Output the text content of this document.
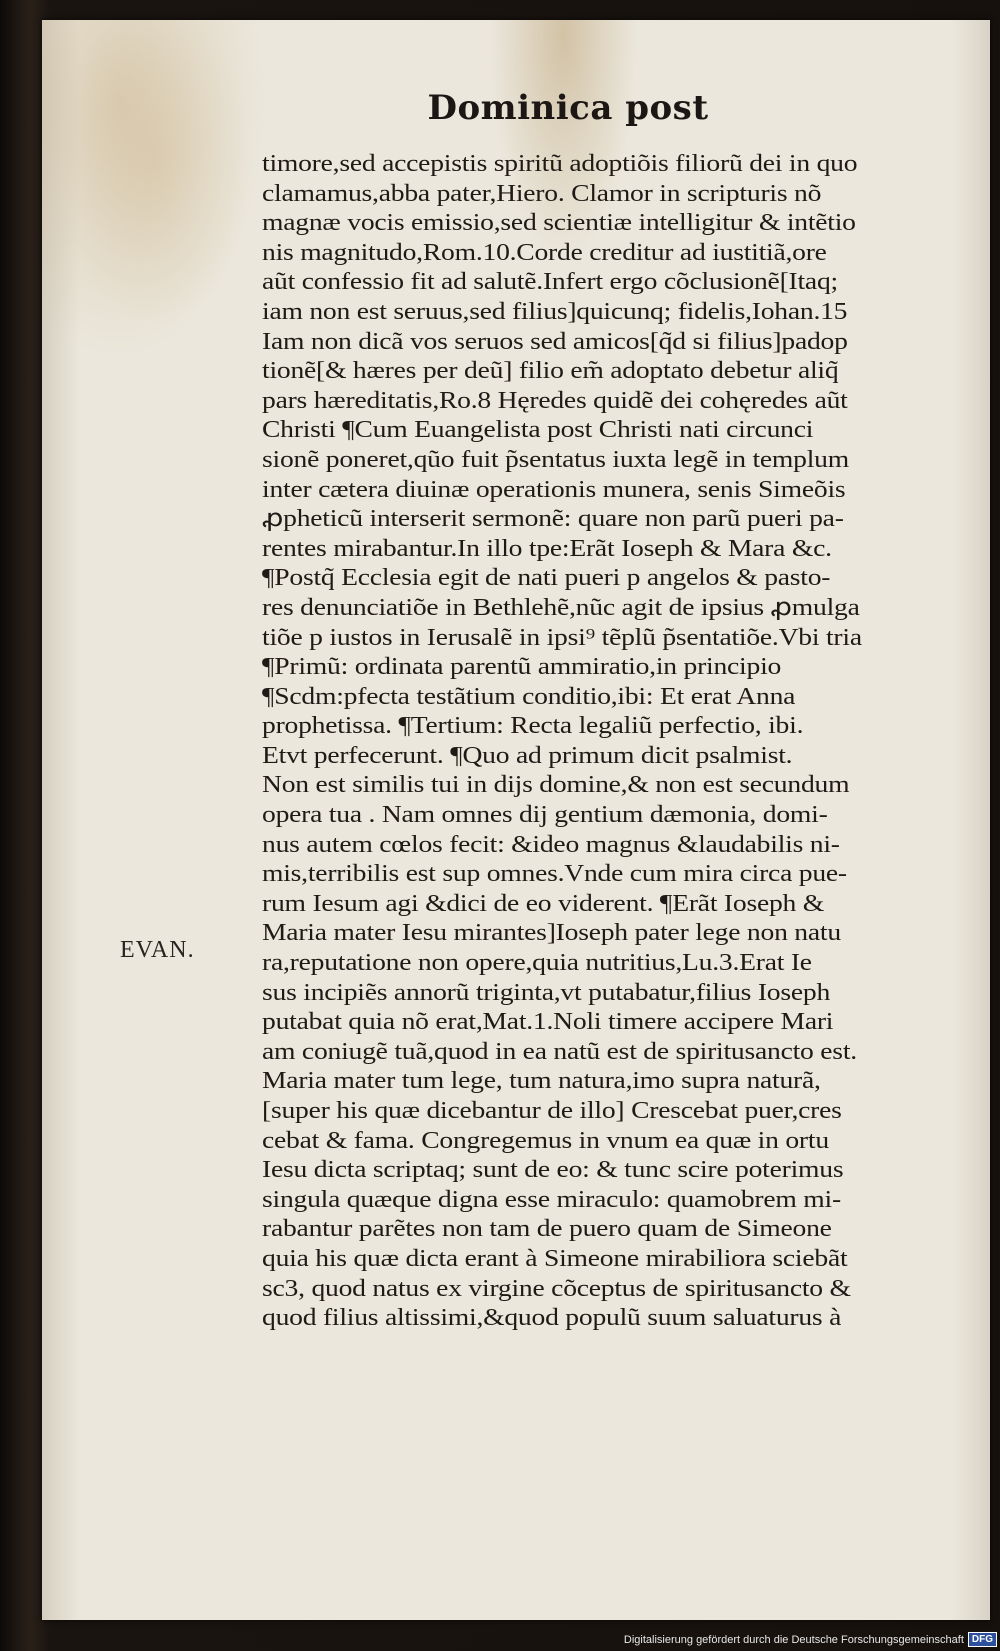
Dominica post
EVAN.
timore,sed accepistis spiritũ adoptiõis filiorũ dei in quo
clamamus,abba pater,Hiero. Clamor in scripturis nõ
magnæ vocis emissio,sed scientiæ intelligitur & intẽtio
nis magnitudo,Rom.10.Corde creditur ad iustitiã,ore
aũt confessio fit ad salutẽ.Infert ergo cõclusionẽ[Itaq;
iam non est seruus,sed filius]quicunq; fidelis,Iohan.15
Iam non dicã vos seruos sed amicos[q̃d si filius]padop
tionẽ[& hæres per deũ] filio em̃ adoptato debetur aliq̃
pars hæreditatis,Ro.8 Hęredes quidẽ dei cohęredes aũt
Christi ¶Cum Euangelista post Christi nati circunci
sionẽ poneret,qũo fuit p̃sentatus iuxta legẽ in templum
inter cætera diuinæ operationis munera, senis Simeõis
ꝓpheticũ interserit sermonẽ: quare non parũ pueri pa-
rentes mirabantur.In illo tpe:Erãt Ioseph & Mara &c.
¶Postq̃ Ecclesia egit de nati pueri p angelos & pasto-
res denunciatiõe in Bethlehẽ,nũc agit de ipsius ꝓmulga
tiõe p iustos in Ierusalẽ in ipsi⁹ tẽplũ p̃sentatiõe.Vbi tria
¶Primũ: ordinata parentũ ammiratio,in principio
¶Scdm:pfecta testãtium conditio,ibi: Et erat Anna
prophetissa. ¶Tertium: Recta legaliũ perfectio, ibi.
Etvt perfecerunt. ¶Quo ad primum dicit psalmist.
Non est similis tui in dijs domine,& non est secundum
opera tua . Nam omnes dĳ gentium dæmonia, domi-
nus autem cœlos fecit: &ideo magnus &laudabilis ni-
mis,terribilis est sup omnes.Vnde cum mira circa pue-
rum Iesum agi &dici de eo viderent. ¶Erãt Ioseph &
Maria mater Iesu mirantes]Ioseph pater lege non natu
ra,reputatione non opere,quia nutritius,Lu.3.Erat Ie
sus incipiẽs annorũ triginta,vt putabatur,filius Ioseph
putabat quia nõ erat,Mat.1.Noli timere accipere Mari
am coniugẽ tuã,quod in ea natũ est de spiritusancto est.
Maria mater tum lege, tum natura,imo supra naturã,
[super his quæ dicebantur de illo] Crescebat puer,cres
cebat & fama. Congregemus in vnum ea quæ in ortu
Iesu dicta scriptaq; sunt de eo: & tunc scire poterimus
singula quæque digna esse miraculo: quamobrem mi-
rabantur parẽtes non tam de puero quam de Simeone
quia his quæ dicta erant à Simeone mirabiliora sciebãt
sc3, quod natus ex virgine cõceptus de spiritusancto &
quod filius altissimi,&quod populũ suum saluaturus à
Digitalisierung gefördert durch die Deutsche Forschungsgemeinschaft DFG
